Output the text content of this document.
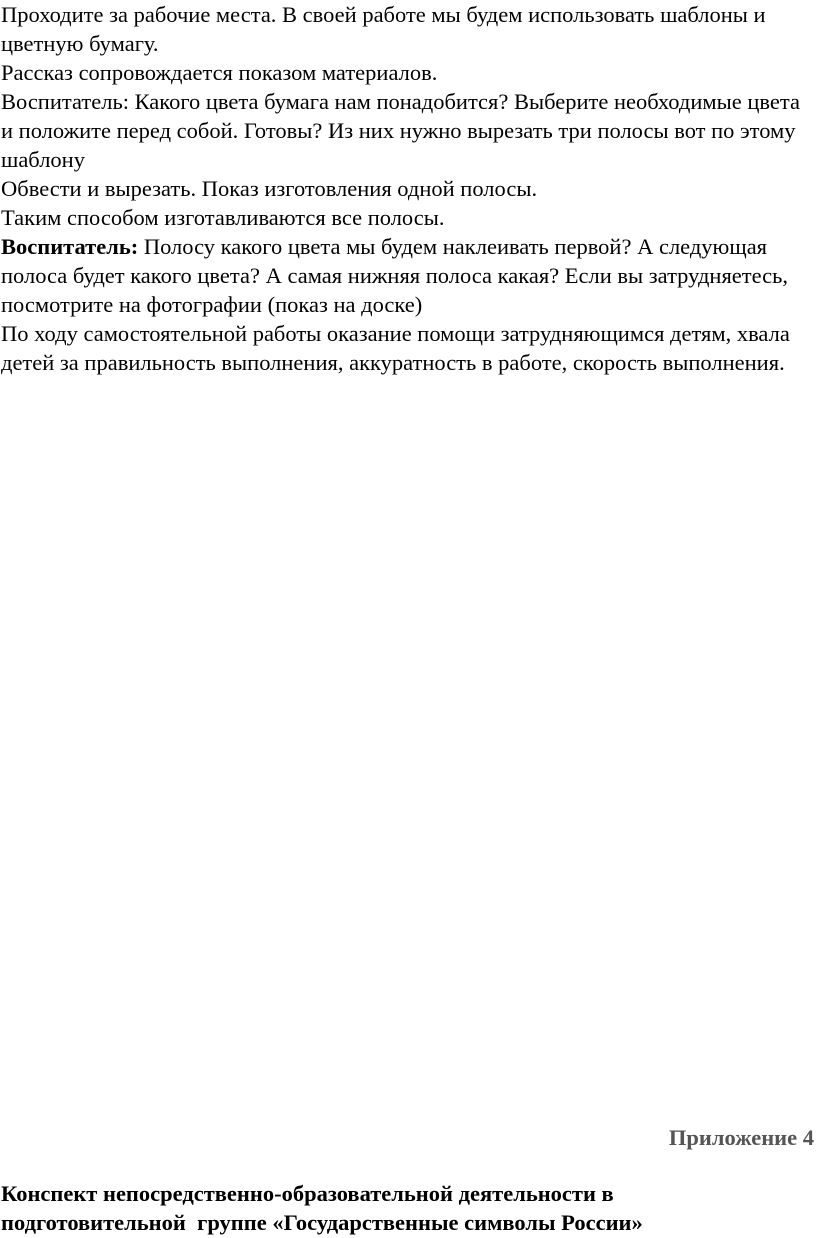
Проходите за рабочие места. В своей работе мы будем использовать шаблоны и цветную бумагу.

Рассказ сопровождается показом материалов.

Воспитатель: Какого цвета бумага нам понадобится? Выберите необходимые цвета и положите перед собой. Готовы? Из них нужно вырезать три полосы вот по этому шаблону

Обвести и вырезать. Показ изготовления одной полосы.

Таким способом изготавливаются все полосы.

Воспитатель: Полосу какого цвета мы будем наклеивать первой? А следующая полоса будет какого цвета? А самая нижняя полоса какая? Если вы затрудняетесь, посмотрите на фотографии (показ на доске)

По ходу самостоятельной работы оказание помощи затрудняющимся детям, хвала детей за правильность выполнения, аккуратность в работе, скорость выполнения.

Приложение 4

Конспект непосредственно-образовательной деятельности в

подготовительной  группе «Государственные символы России»
